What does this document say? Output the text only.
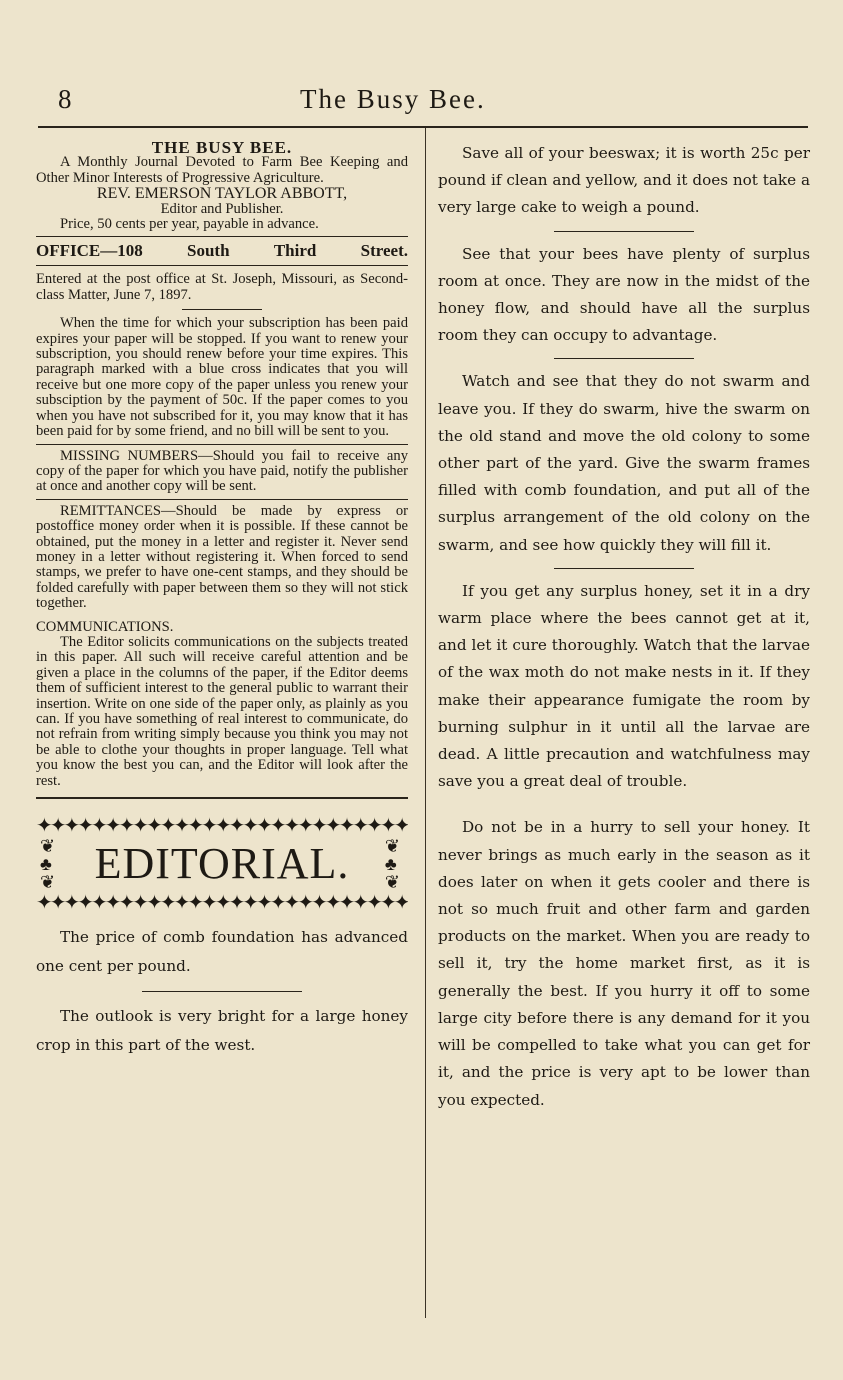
8	The Busy Bee.

THE BUSY BEE.

A Monthly Journal Devoted to Farm Bee Keeping and Other Minor Interests of Progressive Agriculture.

REV. EMERSON TAYLOR ABBOTT,

Editor and Publisher.

Price, 50 cents per year, payable in advance.

OFFICE—108	South	Third	Street.

Entered at the post office at St. Joseph, Missouri, as Second-class Matter, June 7, 1897.

When the time for which your subscription has been paid expires your paper will be stopped. If you want to renew your subscription, you should renew before your time expires. This paragraph marked with a blue cross indicates that you will receive but one more copy of the paper unless you renew your subsciption by the payment of 50c. If the paper comes to you when you have not subscribed for it, you may know that it has been paid for by some friend, and no bill will be sent to you.

MISSING NUMBERS—Should you fail to receive any copy of the paper for which you have paid, notify the publisher at once and another copy will be sent.

REMITTANCES—Should be made by express or postoffice money order when it is possible. If these cannot be obtained, put the money in a letter and register it. Never send money in a letter without registering it. When forced to send stamps, we prefer to have one-cent stamps, and they should be folded carefully with paper between them so they will not stick together.

COMMUNICATIONS.

The Editor solicits communications on the subjects treated in this paper. All such will receive careful attention and be given a place in the columns of the paper, if the Editor deems them of sufficient interest to the general public to warrant their insertion. Write on one side of the paper only, as plainly as you can. If you have something of real interest to communicate, do not refrain from writing simply because you think you may not be able to clothe your thoughts in proper language. Tell what you know the best you can, and the Editor will look after the rest.

✦✦✦✦✦✦✦✦✦✦✦✦✦✦✦✦✦✦✦✦✦✦✦✦✦✦✦
❦
♣
❦
❦
♣
❦
EDITORIAL.
✦✦✦✦✦✦✦✦✦✦✦✦✦✦✦✦✦✦✦✦✦✦✦✦✦✦✦

The price of comb foundation has advanced one cent per pound.

The outlook is very bright for a large honey crop in this part of the west.

Save all of your beeswax; it is worth 25c per pound if clean and yellow, and it does not take a very large cake to weigh a pound.

See that your bees have plenty of surplus room at once. They are now in the midst of the honey flow, and should have all the surplus room they can occupy to advantage.

Watch and see that they do not swarm and leave you. If they do swarm, hive the swarm on the old stand and move the old colony to some other part of the yard. Give the swarm frames filled with comb foundation, and put all of the surplus arrangement of the old colony on the swarm, and see how quickly they will fill it.

If you get any surplus honey, set it in a dry warm place where the bees cannot get at it, and let it cure thoroughly. Watch that the larvae of the wax moth do not make nests in it. If they make their appearance fumigate the room by burning sulphur in it until all the larvae are dead. A little precaution and watchfulness may save you a great deal of trouble.

Do not be in a hurry to sell your honey. It never brings as much early in the season as it does later on when it gets cooler and there is not so much fruit and other farm and garden products on the market. When you are ready to sell it, try the home market first, as it is generally the best. If you hurry it off to some large city before there is any demand for it you will be compelled to take what you can get for it, and the price is very apt to be lower than you expected.
